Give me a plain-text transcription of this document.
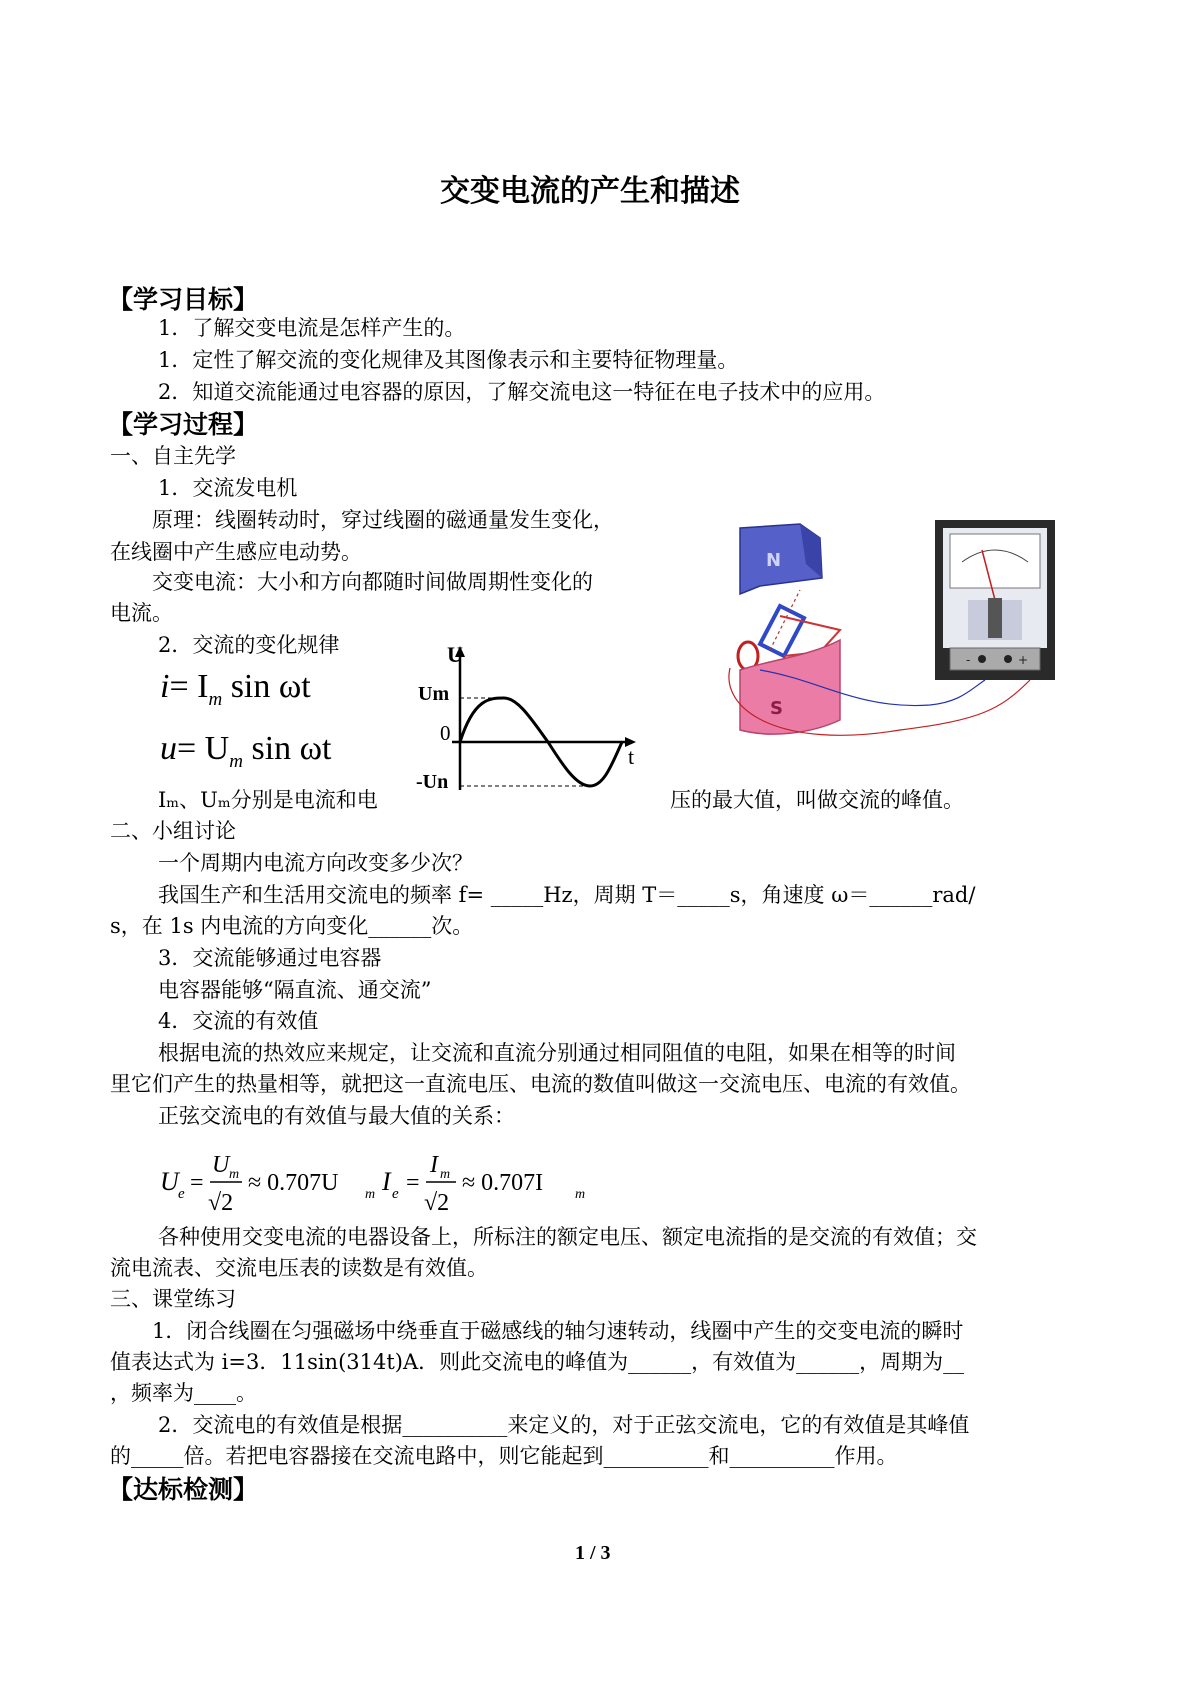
交变电流的产生和描述
【学习目标】
1．了解交变电流是怎样产生的。
1．定性了解交流的变化规律及其图像表示和主要特征物理量。
2．知道交流能通过电容器的原因，了解交流电这一特征在电子技术中的应用。
【学习过程】
一、自主先学
1．交流发电机
原理：线圈转动时，穿过线圈的磁通量发生变化，
在线圈中产生感应电动势。
交变电流：大小和方向都随时间做周期性变化的
电流。
2．交流的变化规律
$i= I_m$ sin ωt
$u= U_m$ sin ωt
U
t
Um
0
-Un
N
S
-	+
Iₘ、Uₘ分别是电流和电	压的最大值，叫做交流的峰值。
二、小组讨论
一个周期内电流方向改变多少次？
我国生产和生活用交流电的频率 f= _____Hz，周期 T＝_____s，角速度 ω＝______rad/
s，在 1s 内电流的方向变化______次。
3．交流能够通过电容器
电容器能够“隔直流、通交流”
4．交流的有效值
根据电流的热效应来规定，让交流和直流分别通过相同阻值的电阻，如果在相等的时间
里它们产生的热量相等，就把这一直流电压、电流的数值叫做这一交流电压、电流的有效值。
正弦交流电的有效值与最大值的关系：
U e =
U m
√2
≈ 0.707U m I e =
I m
√2
≈ 0.707I m
各种使用交变电流的电器设备上，所标注的额定电压、额定电流指的是交流的有效值；交
流电流表、交流电压表的读数是有效值。
三、课堂练习
1．闭合线圈在匀强磁场中绕垂直于磁感线的轴匀速转动，线圈中产生的交变电流的瞬时
值表达式为 i=3．11sin(314t)A．则此交流电的峰值为______，有效值为______，周期为__
，频率为____。
2．交流电的有效值是根据__________来定义的，对于正弦交流电，它的有效值是其峰值
的_____倍。若把电容器接在交流电路中，则它能起到__________和__________作用。
【达标检测】
1 / 3
